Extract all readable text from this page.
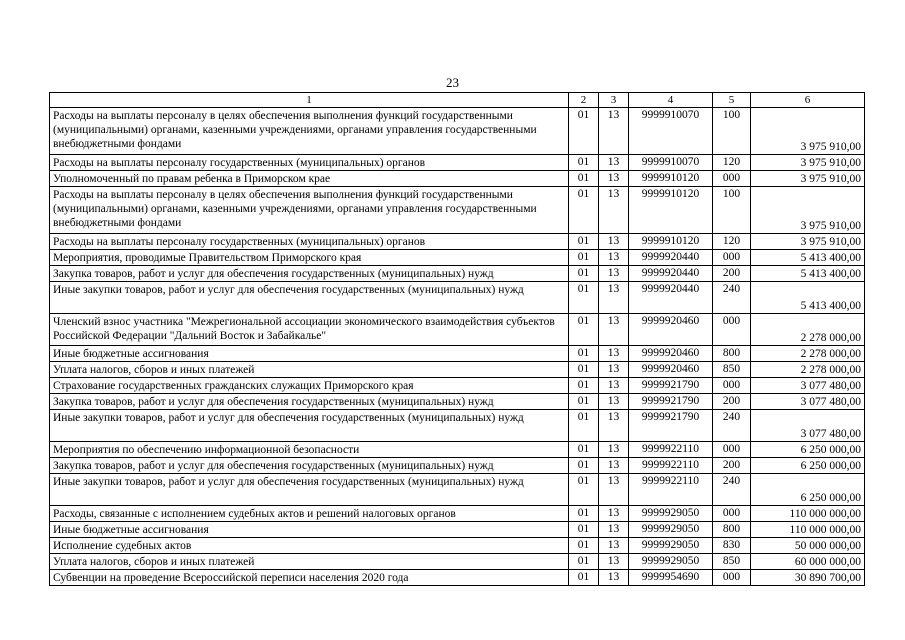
23
1	2	3	4	5	6
Расходы на выплаты персоналу в целях обеспечения выполнения функций государственными (муниципальными) органами, казенными учреждениями, органами управления государственными внебюджетными фондами	01	13	9999910070	100	3 975 910,00
Расходы на выплаты персоналу государственных (муниципальных) органов	01	13	9999910070	120	3 975 910,00
Уполномоченный по правам ребенка в Приморском крае	01	13	9999910120	000	3 975 910,00
Расходы на выплаты персоналу в целях обеспечения выполнения функций государственными (муниципальными) органами, казенными учреждениями, органами управления государственными внебюджетными фондами	01	13	9999910120	100	3 975 910,00
Расходы на выплаты персоналу государственных (муниципальных) органов	01	13	9999910120	120	3 975 910,00
Мероприятия, проводимые Правительством Приморского края	01	13	9999920440	000	5 413 400,00
Закупка товаров, работ и услуг для обеспечения государственных (муниципальных) нужд	01	13	9999920440	200	5 413 400,00
Иные закупки товаров, работ и услуг для обеспечения государственных (муниципальных) нужд	01	13	9999920440	240	5 413 400,00
Членский взнос участника "Межрегиональной ассоциации экономического взаимодействия субъектов Российской Федерации "Дальний Восток и Забайкалье"	01	13	9999920460	000	2 278 000,00
Иные бюджетные ассигнования	01	13	9999920460	800	2 278 000,00
Уплата налогов, сборов и иных платежей	01	13	9999920460	850	2 278 000,00
Страхование государственных гражданских служащих Приморского края	01	13	9999921790	000	3 077 480,00
Закупка товаров, работ и услуг для обеспечения государственных (муниципальных) нужд	01	13	9999921790	200	3 077 480,00
Иные закупки товаров, работ и услуг для обеспечения государственных (муниципальных) нужд	01	13	9999921790	240	3 077 480,00
Мероприятия по обеспечению информационной безопасности	01	13	9999922110	000	6 250 000,00
Закупка товаров, работ и услуг для обеспечения государственных (муниципальных) нужд	01	13	9999922110	200	6 250 000,00
Иные закупки товаров, работ и услуг для обеспечения государственных (муниципальных) нужд	01	13	9999922110	240	6 250 000,00
Расходы, связанные с исполнением судебных актов и решений налоговых органов	01	13	9999929050	000	110 000 000,00
Иные бюджетные ассигнования	01	13	9999929050	800	110 000 000,00
Исполнение судебных актов	01	13	9999929050	830	50 000 000,00
Уплата налогов, сборов и иных платежей	01	13	9999929050	850	60 000 000,00
Субвенции на проведение Всероссийской переписи населения 2020 года	01	13	9999954690	000	30 890 700,00
